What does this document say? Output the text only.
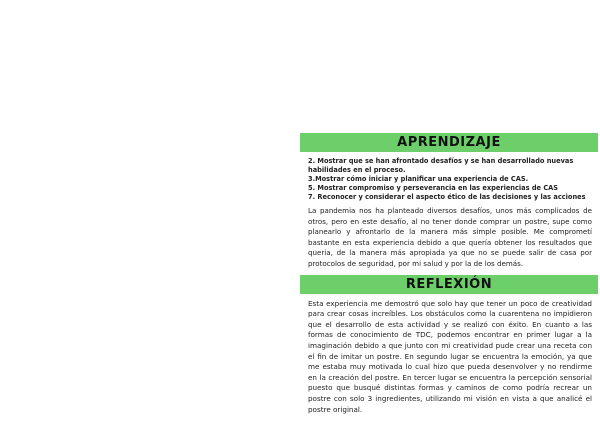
APRENDIZAJE
2. Mostrar que se han afrontado desafíos y se han desarrollado nuevas habilidades en el proceso.
3.Mostrar cómo iniciar y planificar una experiencia de CAS.
5. Mostrar compromiso y perseverancia en las experiencias de CAS
7. Reconocer y considerar el aspecto ético de las decisiones y las acciones

La pandemia nos ha planteado diversos desafíos, unos más complicados de otros, pero en este desafío, al no tener donde comprar un postre, supe como planearlo y afrontarlo de la manera más simple posible. Me comprometí bastante en esta experiencia debido a que quería obtener los resultados que quería, de la manera más apropiada ya que no se puede salir de casa por protocolos de seguridad, por mi salud y por la de los demás.

REFLEXIÓN

Esta experiencia me demostró que solo hay que tener un poco de creatividad para crear cosas increíbles. Los obstáculos como la cuarentena no impidieron que el desarrollo de esta actividad y se realizó con éxito. En cuanto a las formas de conocimiento de TDC, podemos encontrar en primer lugar a la imaginación debido a que junto con mi creatividad pude crear una receta con el fin de imitar un postre. En segundo lugar se encuentra la emoción, ya que me estaba muy motivada lo cual hizo que pueda desenvolver y no rendirme en la creación del postre. En tercer lugar se encuentra la percepción sensorial puesto que busqué distintas formas y caminos de como podría recrear un postre con solo 3 ingredientes, utilizando mi visión en vista a que analicé el postre original.
